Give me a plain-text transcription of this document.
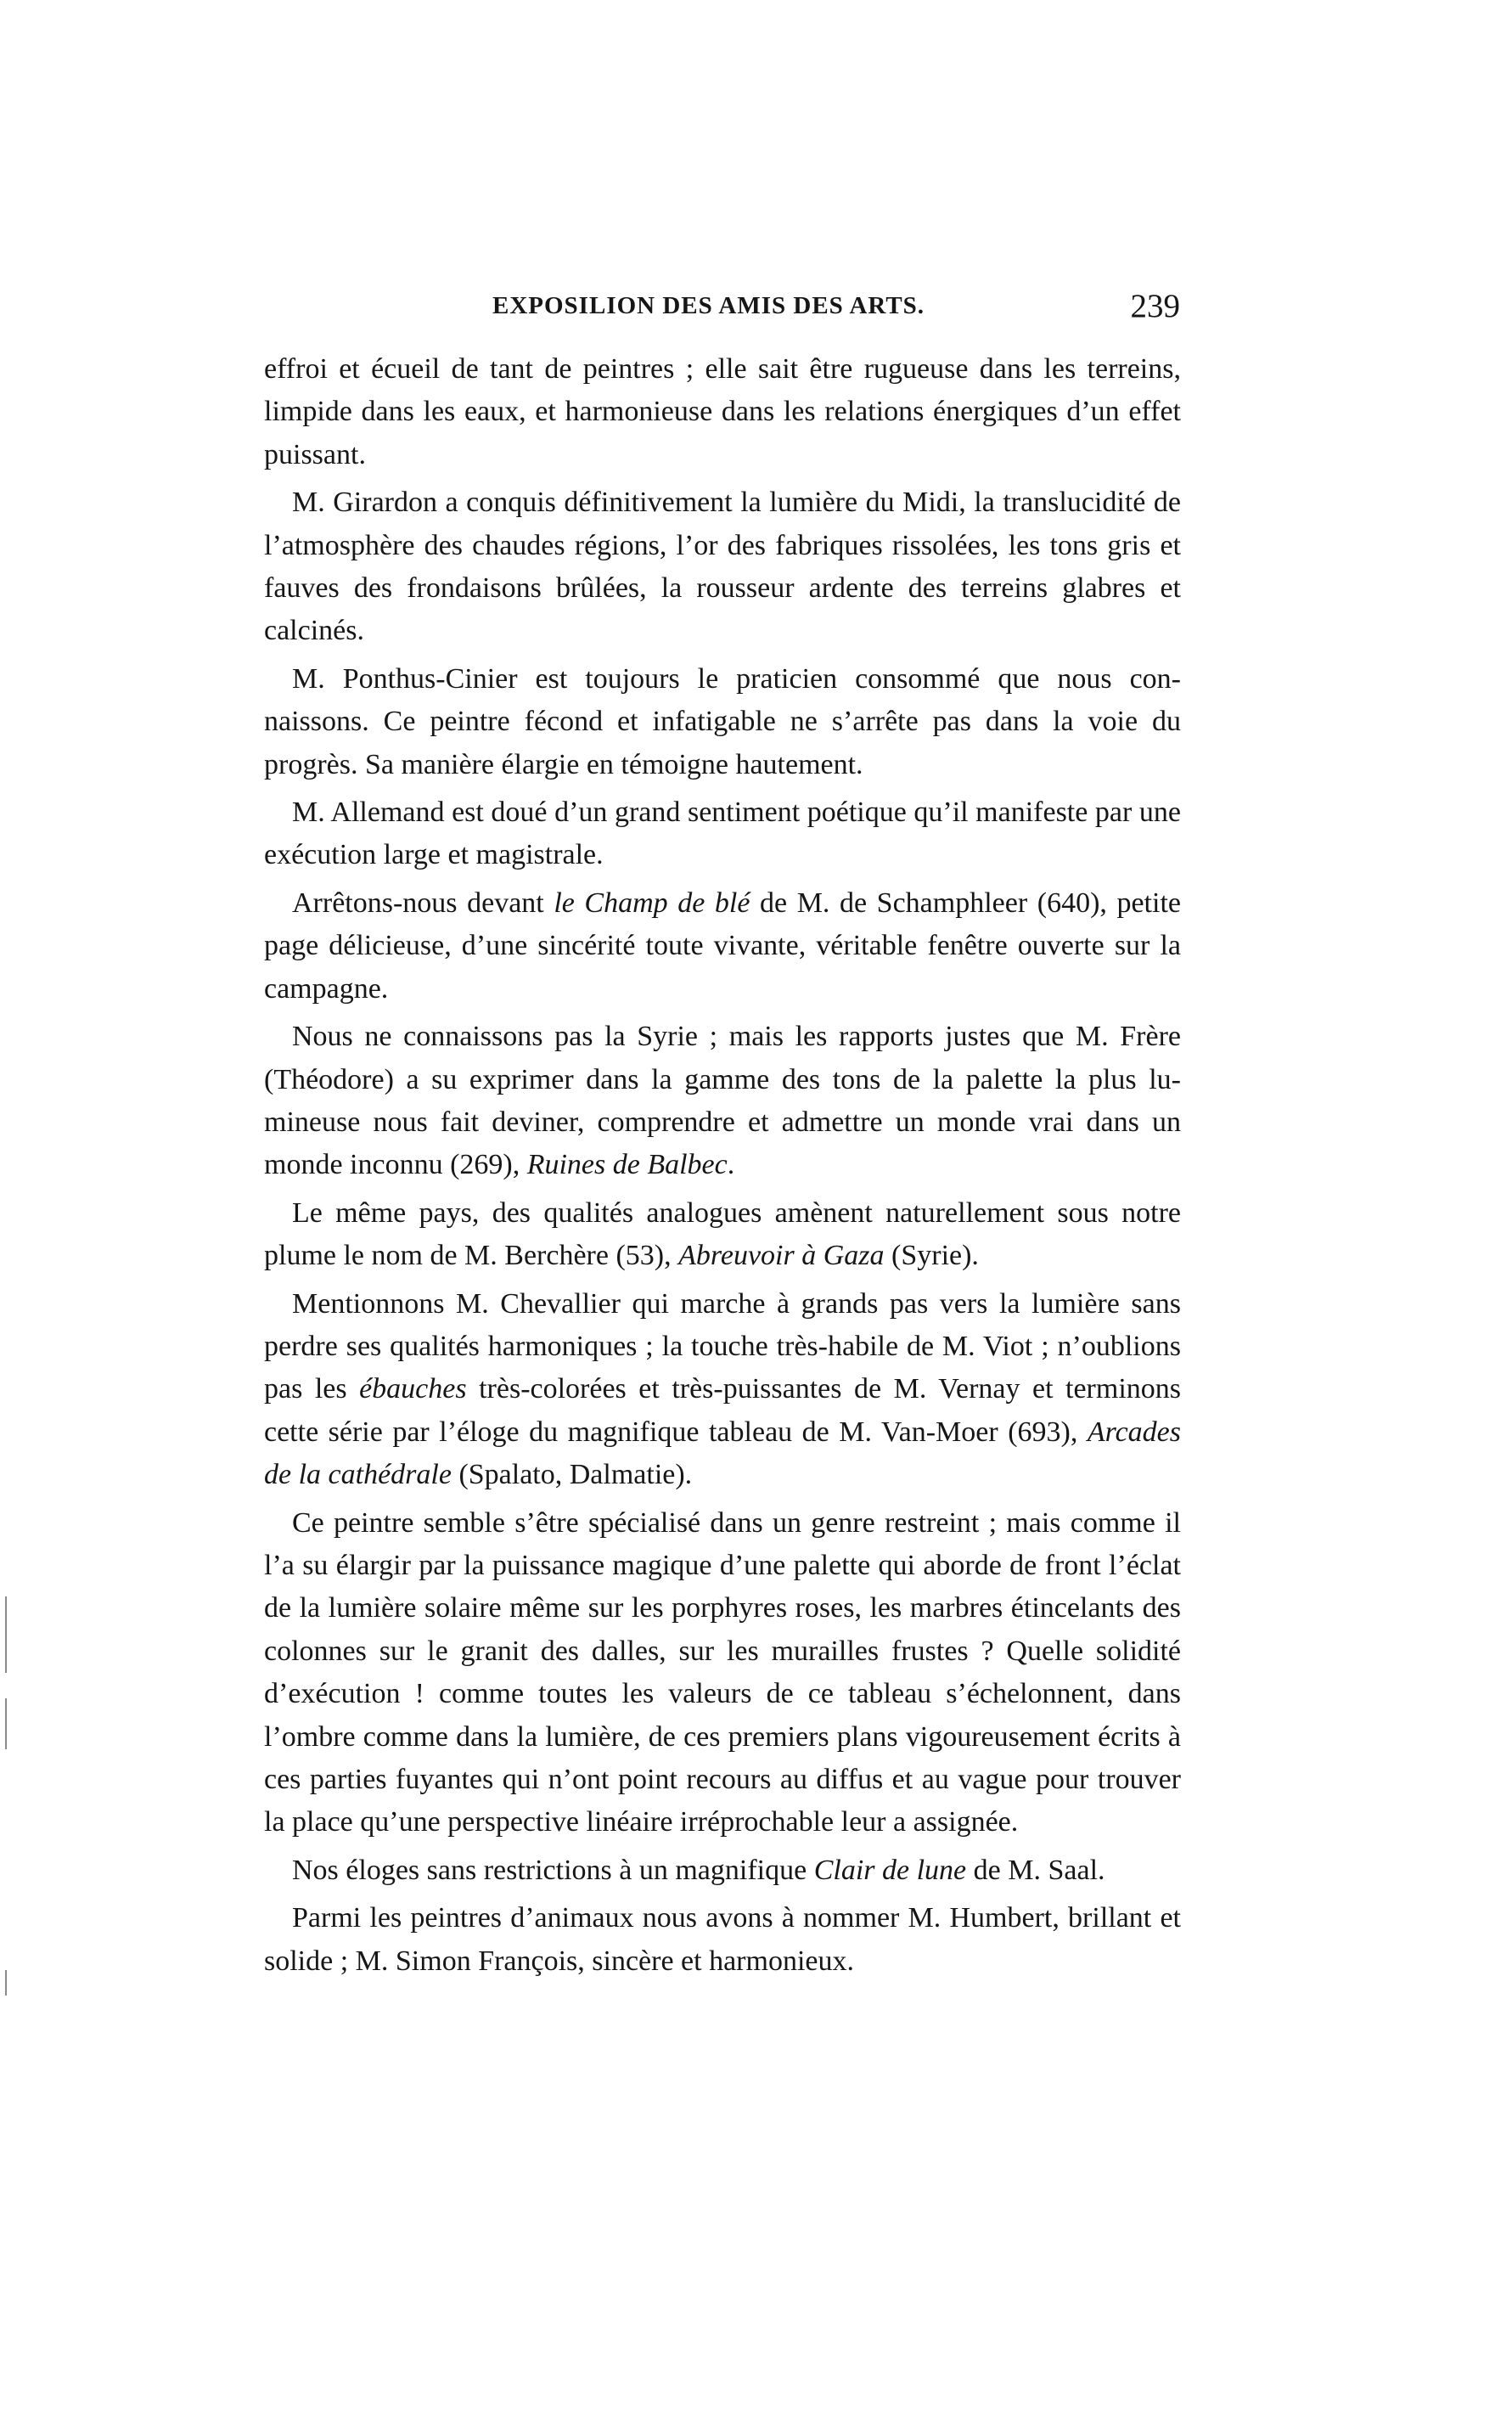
EXPOSILION DES AMIS DES ARTS.	239

effroi et écueil de tant de peintres ; elle sait être rugueuse dans les terreins, limpide dans les eaux, et harmonieuse dans les relations énergiques d’un effet puissant.

M. Girardon a conquis définitivement la lumière du Midi, la translucidité de l’atmosphère des chaudes régions, l’or des fabriques rissolées, les tons gris et fauves des frondaisons brûlées, la rousseur ardente des terreins glabres et calcinés.

M. Ponthus-Cinier est toujours le praticien consommé que nous connaissons. Ce peintre fécond et infatigable ne s’arrête pas dans la voie du progrès. Sa manière élargie en témoigne hautement.

M. Allemand est doué d’un grand sentiment poétique qu’il manifeste par une exécution large et magistrale.

Arrêtons-nous devant le Champ de blé de M. de Schamphleer (640), petite page délicieuse, d’une sincérité toute vivante, véritable fenêtre ouverte sur la campagne.

Nous ne connaissons pas la Syrie ; mais les rapports justes que M. Frère (Théodore) a su exprimer dans la gamme des tons de la palette la plus lumineuse nous fait deviner, comprendre et admettre un monde vrai dans un monde inconnu (269), Ruines de Balbec.

Le même pays, des qualités analogues amènent naturellement sous notre plume le nom de M. Berchère (53), Abreuvoir à Gaza (Syrie).

Mentionnons M. Chevallier qui marche à grands pas vers la lumière sans perdre ses qualités harmoniques ; la touche très-habile de M. Viot ; n’oublions pas les ébauches très-colorées et très-puissantes de M. Vernay et terminons cette série par l’éloge du magnifique tableau de M. Van-Moer (693), Arcades de la cathédrale (Spalato, Dalmatie).

Ce peintre semble s’être spécialisé dans un genre restreint ; mais comme il l’a su élargir par la puissance magique d’une palette qui aborde de front l’éclat de la lumière solaire même sur les porphyres roses, les marbres étincelants des colonnes sur le granit des dalles, sur les murailles frustes ? Quelle solidité d’exécution ! comme toutes les valeurs de ce tableau s’échelonnent, dans l’ombre comme dans la lumière, de ces premiers plans vigoureusement écrits à ces parties fuyantes qui n’ont point recours au diffus et au vague pour trouver la place qu’une perspective linéaire irréprochable leur a assignée.

Nos éloges sans restrictions à un magnifique Clair de lune de M. Saal.

Parmi les peintres d’animaux nous avons à nommer M. Humbert, brillant et solide ; M. Simon François, sincère et harmonieux.
